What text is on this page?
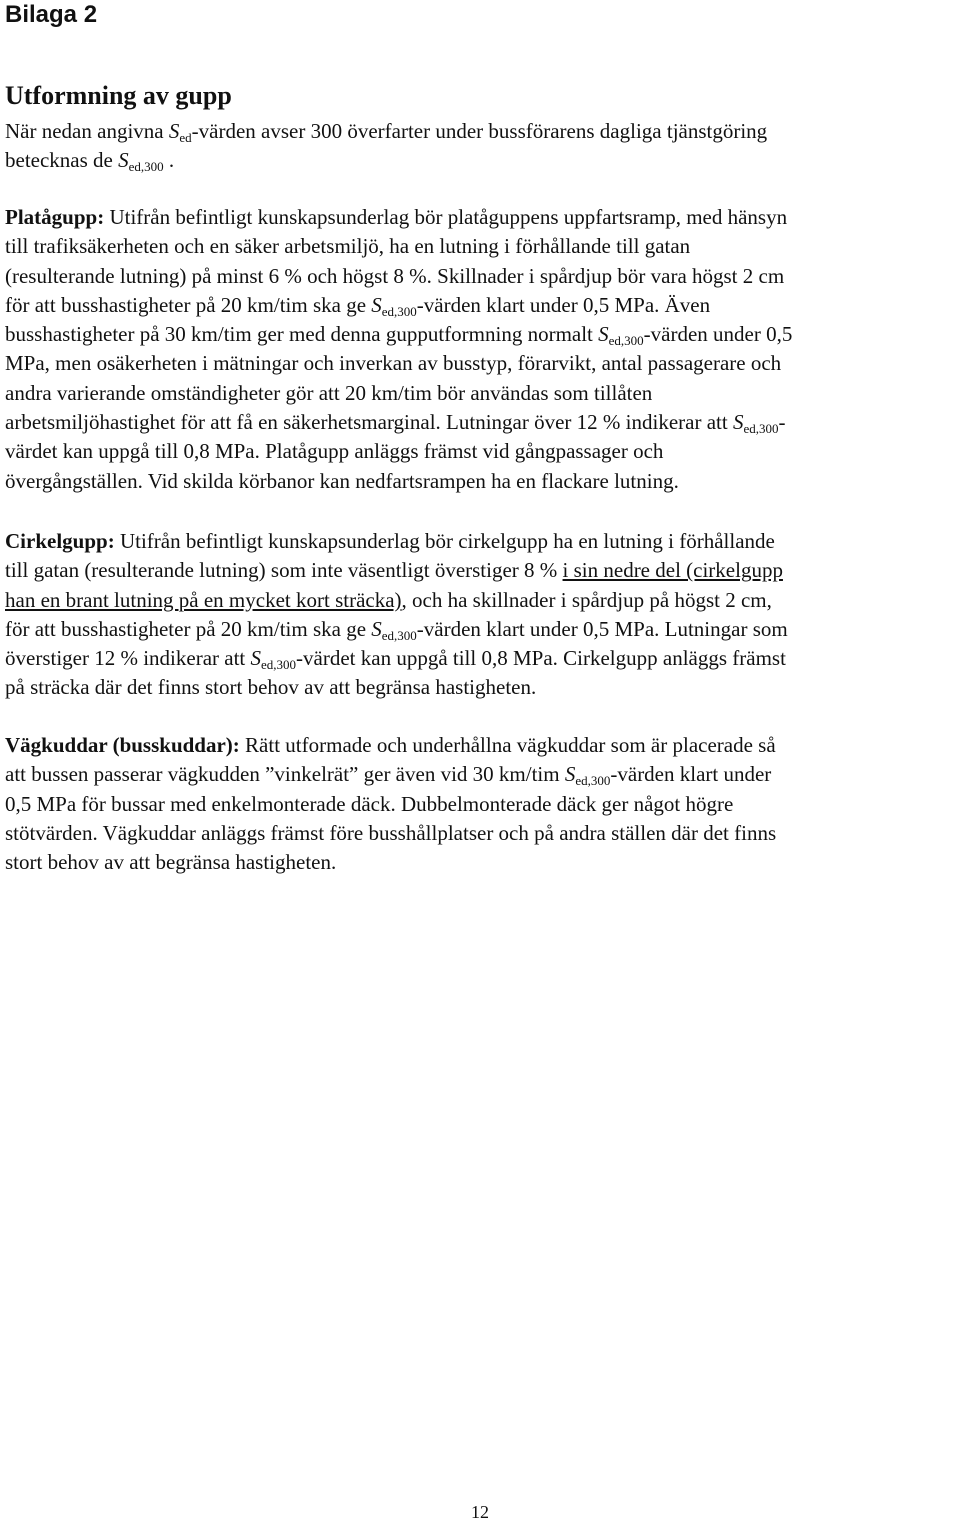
Bilaga 2
Utformning av gupp

När nedan angivna $S_{ed}$-värden avser 300 överfarter under bussförarens dagliga tjänstgöring
betecknas de $S_{ed,300}$ .

Platågupp: Utifrån befintligt kunskapsunderlag bör platåguppens uppfartsramp, med hänsyn
till trafiksäkerheten och en säker arbetsmiljö, ha en lutning i förhållande till gatan
(resulterande lutning) på minst 6 % och högst 8 %. Skillnader i spårdjup bör vara högst 2 cm
för att busshastigheter på 20 km/tim ska ge $S_{ed,300}$-värden klart under 0,5 MPa. Även
busshastigheter på 30 km/tim ger med denna gupputformning normalt $S_{ed,300}$-värden under 0,5
MPa, men osäkerheten i mätningar och inverkan av busstyp, förarvikt, antal passagerare och
andra varierande omständigheter gör att 20 km/tim bör användas som tillåten
arbetsmiljöhastighet för att få en säkerhetsmarginal. Lutningar över 12 % indikerar att $S_{ed,300}-$
värdet kan uppgå till 0,8 MPa. Platågupp anläggs främst vid gångpassager och
övergångställen. Vid skilda körbanor kan nedfartsrampen ha en flackare lutning.

Cirkelgupp: Utifrån befintligt kunskapsunderlag bör cirkelgupp ha en lutning i förhållande
till gatan (resulterande lutning) som inte väsentligt överstiger 8 % i sin nedre del (cirkelgupp
han en brant lutning på en mycket kort sträcka), och ha skillnader i spårdjup på högst 2 cm,
för att busshastigheter på 20 km/tim ska ge $S_{ed,300}$-värden klart under 0,5 MPa. Lutningar som
överstiger 12 % indikerar att $S_{ed,300}$-värdet kan uppgå till 0,8 MPa. Cirkelgupp anläggs främst
på sträcka där det finns stort behov av att begränsa hastigheten.

Vägkuddar (busskuddar): Rätt utformade och underhållna vägkuddar som är placerade så
att bussen passerar vägkudden ”vinkelrät” ger även vid 30 km/tim $S_{ed,300}$-värden klart under
0,5 MPa för bussar med enkelmonterade däck. Dubbelmonterade däck ger något högre
stötvärden. Vägkuddar anläggs främst före busshållplatser och på andra ställen där det finns
stort behov av att begränsa hastigheten.

12
